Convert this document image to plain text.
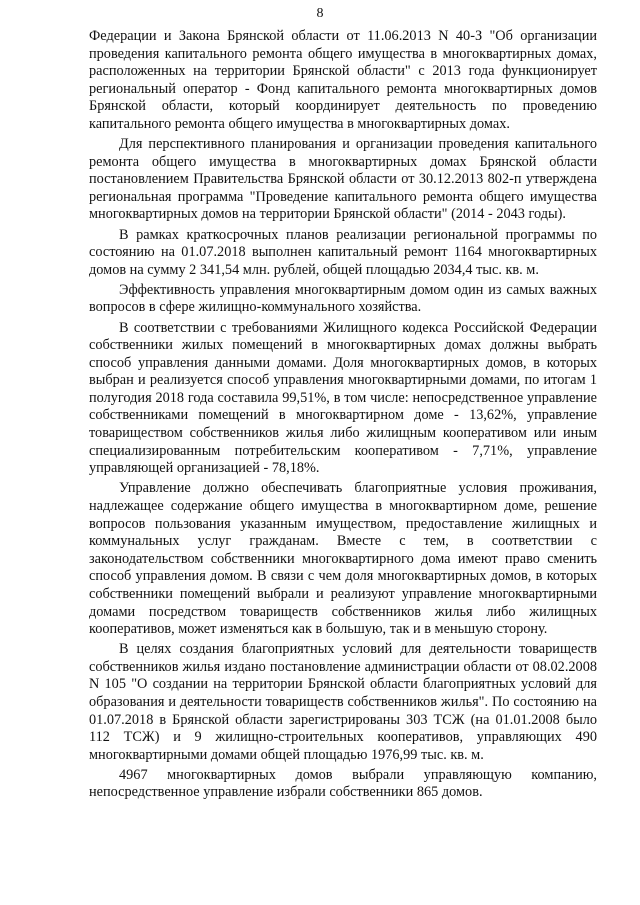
8

Федерации и Закона Брянской области от 11.06.2013 N 40-З "Об организации проведения капитального ремонта общего имущества в многоквартирных домах, расположенных на территории Брянской области" с 2013 года функционирует региональный оператор - Фонд капитального ремонта многоквартирных домов Брянской области, который координирует деятельность по проведению капитального ремонта общего имущества в многоквартирных домах.

Для перспективного планирования и организации проведения капитального ремонта общего имущества в многоквартирных домах Брянской области постановлением Правительства Брянской области от 30.12.2013 802-п утверждена региональная программа "Проведение капитального ремонта общего имущества многоквартирных домов на территории Брянской области" (2014 - 2043 годы).

В рамках краткосрочных планов реализации региональной программы по состоянию на 01.07.2018 выполнен капитальный ремонт 1164 многоквартирных домов на сумму 2 341,54 млн. рублей, общей площадью 2034,4 тыс. кв. м.

Эффективность управления многоквартирным домом один из самых важных вопросов в сфере жилищно-коммунального хозяйства.

В соответствии с требованиями Жилищного кодекса Российской Федерации собственники жилых помещений в многоквартирных домах должны выбрать способ управления данными домами. Доля многоквартирных домов, в которых выбран и реализуется способ управления многоквартирными домами, по итогам 1 полугодия 2018 года составила 99,51%, в том числе: непосредственное управление собственниками помещений в многоквартирном доме - 13,62%, управление товариществом собственников жилья либо жилищным кооперативом или иным специализированным потребительским кооперативом - 7,71%, управление управляющей организацией - 78,18%.

Управление должно обеспечивать благоприятные условия проживания, надлежащее содержание общего имущества в многоквартирном доме, решение вопросов пользования указанным имуществом, предоставление жилищных и коммунальных услуг гражданам. Вместе с тем, в соответствии с законодательством собственники многоквартирного дома имеют право сменить способ управления домом. В связи с чем доля многоквартирных домов, в которых собственники помещений выбрали и реализуют управление многоквартирными домами посредством товариществ собственников жилья либо жилищных кооперативов, может изменяться как в большую, так и в меньшую сторону.

В целях создания благоприятных условий для деятельности товариществ собственников жилья издано постановление администрации области от 08.02.2008 N 105 "О создании на территории Брянской области благоприятных условий для образования и деятельности товариществ собственников жилья". По состоянию на 01.07.2018 в Брянской области зарегистрированы 303 ТСЖ (на 01.01.2008 было 112 ТСЖ) и 9 жилищно-строительных кооперативов, управляющих 490 многоквартирными домами общей площадью 1976,99 тыс. кв. м.

4967 многоквартирных домов выбрали управляющую компанию, непосредственное управление избрали собственники 865 домов.
